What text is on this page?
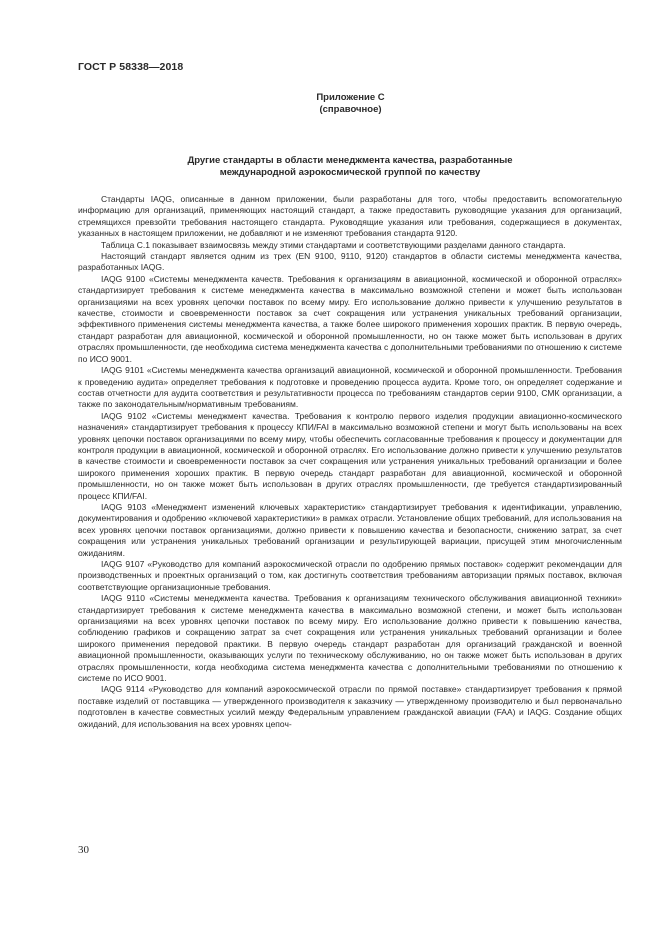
ГОСТ Р 58338—2018
Приложение С
(справочное)
Другие стандарты в области менеджмента качества, разработанные
международной аэрокосмической группой по качеству

Стандарты IAQG, описанные в данном приложении, были разработаны для того, чтобы предоставить вспомогательную информацию для организаций, применяющих настоящий стандарт, а также предоставить руководящие указания для организаций, стремящихся превзойти требования настоящего стандарта. Руководящие указания или требования, содержащиеся в документах, указанных в настоящем приложении, не добавляют и не изменяют требования стандарта 9120.

Таблица С.1 показывает взаимосвязь между этими стандартами и соответствующими разделами данного стандарта.

Настоящий стандарт является одним из трех (EN 9100, 9110, 9120) стандартов в области системы менеджмента качества, разработанных IAQG.

IAQG 9100 «Системы менеджмента качеств. Требования к организациям в авиационной, космической и оборонной отраслях» стандартизирует требования к системе менеджмента качества в максимально возможной степени и может быть использован организациями на всех уровнях цепочки поставок по всему миру. Его использование должно привести к улучшению результатов в качестве, стоимости и своевременности поставок за счет сокращения или устранения уникальных требований организации, эффективного применения системы менеджмента качества, а также более широкого применения хороших практик. В первую очередь, стандарт разработан для авиационной, космической и оборонной промышленности, но он также может быть использован в других отраслях промышленности, где необходима система менеджмента качества с дополнительными требованиями по отношению к системе по ИСО 9001.

IAQG 9101 «Системы менеджмента качества организаций авиационной, космической и оборонной промышленности. Требования к проведению аудита» определяет требования к подготовке и проведению процесса аудита. Кроме того, он определяет содержание и состав отчетности для аудита соответствия и результативности процесса по требованиям стандартов серии 9100, СМК организации, а также по законодательным/нормативным требованиям.

IAQG 9102 «Системы менеджмент качества. Требования к контролю первого изделия продукции авиационно-космического назначения» стандартизирует требования к процессу КПИ/FAI в максимально возможной степени и могут быть использованы на всех уровнях цепочки поставок организациями по всему миру, чтобы обеспечить согласованные требования к процессу и документации для контроля продукции в авиационной, космической и оборонной отраслях. Его использование должно привести к улучшению результатов в качестве стоимости и своевременности поставок за счет сокращения или устранения уникальных требований организации и более широкого применения хороших практик. В первую очередь стандарт разработан для авиационной, космической и оборонной промышленности, но он также может быть использован в других отраслях промышленности, где требуется стандартизированный процесс КПИ/FAI.

IAQG 9103 «Менеджмент изменений ключевых характеристик» стандартизирует требования к идентификации, управлению, документирования и одобрению «ключевой характеристики» в рамках отрасли. Установление общих требований, для использования на всех уровнях цепочки поставок организациями, должно привести к повышению качества и безопасности, снижению затрат, за счет сокращения или устранения уникальных требований организации и результирующей вариации, присущей этим многочисленным ожиданиям.

IAQG 9107 «Руководство для компаний аэрокосмической отрасли по одобрению прямых поставок» содержит рекомендации для производственных и проектных организаций о том, как достигнуть соответствия требованиям авторизации прямых поставок, включая соответствующие организационные требования.

IAQG 9110 «Системы менеджмента качества. Требования к организациям технического обслуживания авиационной техники» стандартизирует требования к системе менеджмента качества в максимально возможной степени, и может быть использован организациями на всех уровнях цепочки поставок по всему миру. Его использование должно привести к повышению качества, соблюдению графиков и сокращению затрат за счет сокращения или устранения уникальных требований организации и более широкого применения передовой практики. В первую очередь стандарт разработан для организаций гражданской и военной авиационной промышленности, оказывающих услуги по техническому обслуживанию, но он также может быть использован в других отраслях промышленности, когда необходима система менеджмента качества с дополнительными требованиями по отношению к системе по ИСО 9001.

IAQG 9114 «Руководство для компаний аэрокосмической отрасли по прямой поставке» стандартизирует требования к прямой поставке изделий от поставщика — утвержденного производителя к заказчику — утвержденному производителю и был первоначально подготовлен в качестве совместных усилий между Федеральным управлением гражданской авиации (FAA) и IAQG. Создание общих ожиданий, для использования на всех уровнях цепоч-

30
